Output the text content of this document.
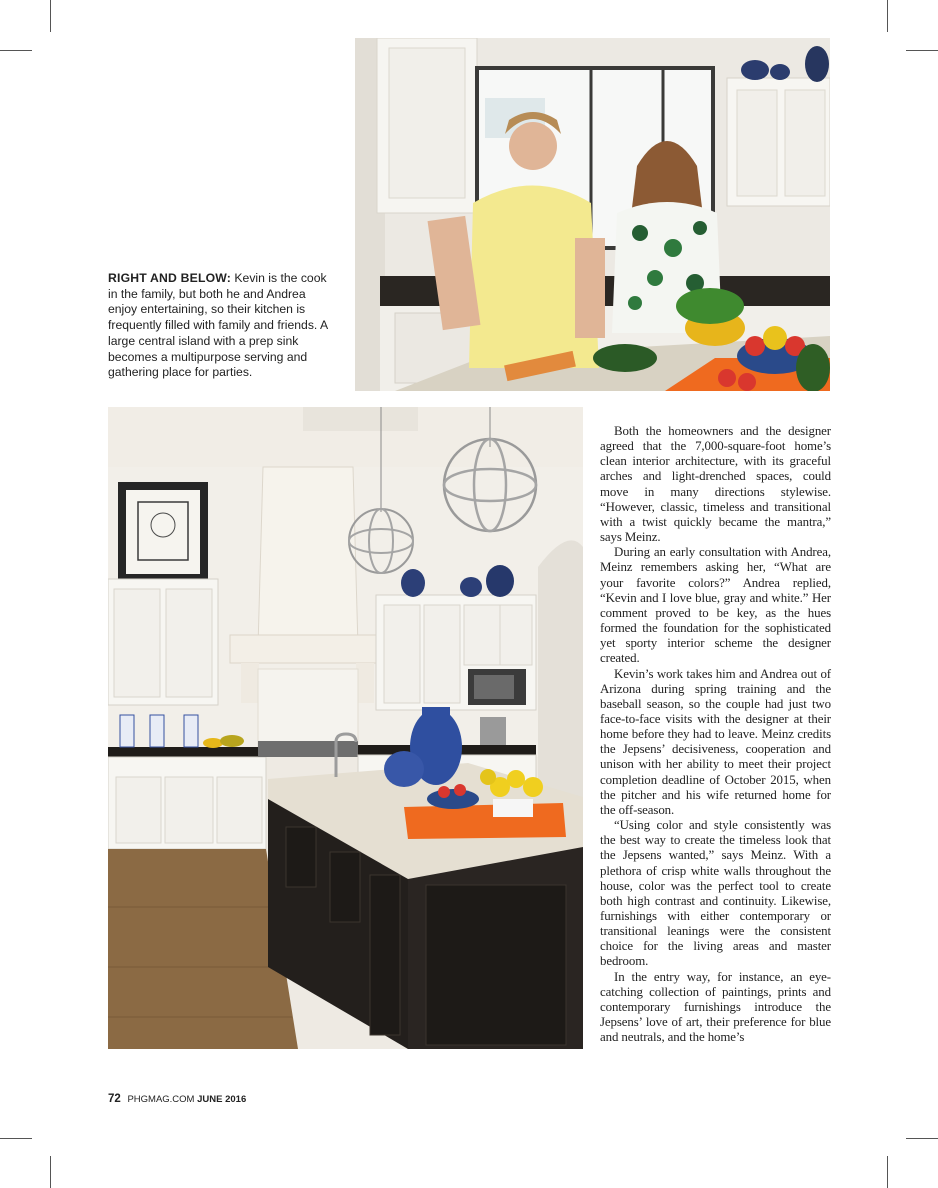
RIGHT AND BELOW: Kevin is the cook in the family, but both he and Andrea enjoy entertaining, so their kitchen is frequently filled with family and friends. A large central island with a prep sink becomes a multipurpose serving and gathering place for parties.

Both the homeowners and the designer agreed that the 7,000-square-foot home’s clean interior architecture, with its graceful arches and light-drenched spaces, could move in many directions stylewise. “However, classic, timeless and transitional with a twist quickly became the mantra,” says Meinz.

During an early consultation with Andrea, Meinz remembers asking her, “What are your favorite colors?” Andrea replied, “Kevin and I love blue, gray and white.” Her comment proved to be key, as the hues formed the foundation for the sophisticated yet sporty interior scheme the designer created.

Kevin’s work takes him and Andrea out of Arizona during spring training and the baseball season, so the couple had just two face-to-face visits with the designer at their home before they had to leave. Meinz credits the Jepsens’ decisiveness, cooperation and unison with her ability to meet their project completion deadline of October 2015, when the pitcher and his wife returned home for the off-season.

“Using color and style consistently was the best way to create the timeless look that the Jepsens wanted,” says Meinz. With a plethora of crisp white walls throughout the house, color was the perfect tool to create both high contrast and continuity. Likewise, furnishings with either contemporary or transitional leanings were the consistent choice for the living areas and master bedroom.

In the entry way, for instance, an eye-catching collection of paintings, prints and contemporary furnishings introduce the Jepsens’ love of art, their preference for blue and neutrals, and the home’s

72 PHGMAG.COM JUNE 2016
